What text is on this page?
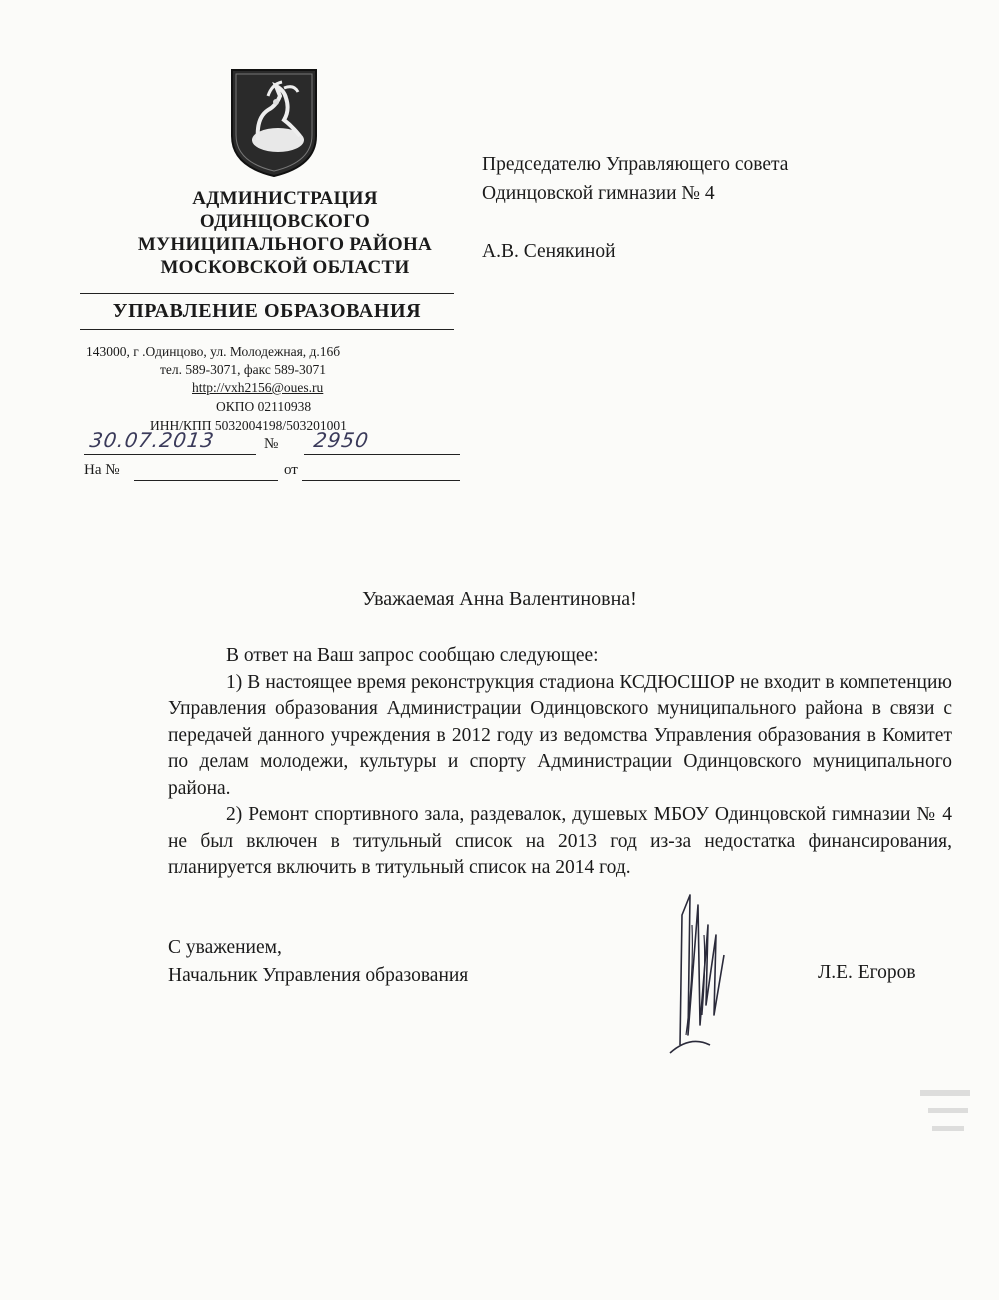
АДМИНИСТРАЦИЯ
ОДИНЦОВСКОГО
МУНИЦИПАЛЬНОГО РАЙОНА
МОСКОВСКОЙ ОБЛАСТИ
УПРАВЛЕНИЕ ОБРАЗОВАНИЯ
143000, г .Одинцово, ул. Молодежная, д.16б
тел. 589-3071, факс 589-3071
http://vxh2156@oues.ru
ОКПО 02110938
ИНН/КПП 5032004198/503201001
30.07.2013	№	2950
На №	от
Председателю Управляющего совета
Одинцовской гимназии № 4
А.В. Сенякиной
Уважаемая Анна Валентиновна!

В ответ на Ваш запрос сообщаю следующее:

1) В настоящее время реконструкция стадиона КСДЮСШОР не входит в компетенцию Управления образования Администрации Одинцовского муниципального района в связи с передачей данного учреждения в 2012 году из ведомства Управления образования в Комитет по делам молодежи, культуры и спорту Администрации Одинцовского муниципального района.

2) Ремонт спортивного зала, раздевалок, душевых МБОУ Одинцовской гимназии № 4 не был включен в титульный список на 2013 год из-за недостатка финансирования, планируется включить в титульный список на 2014 год.

С уважением,
Начальник Управления образования	Л.Е. Егоров
